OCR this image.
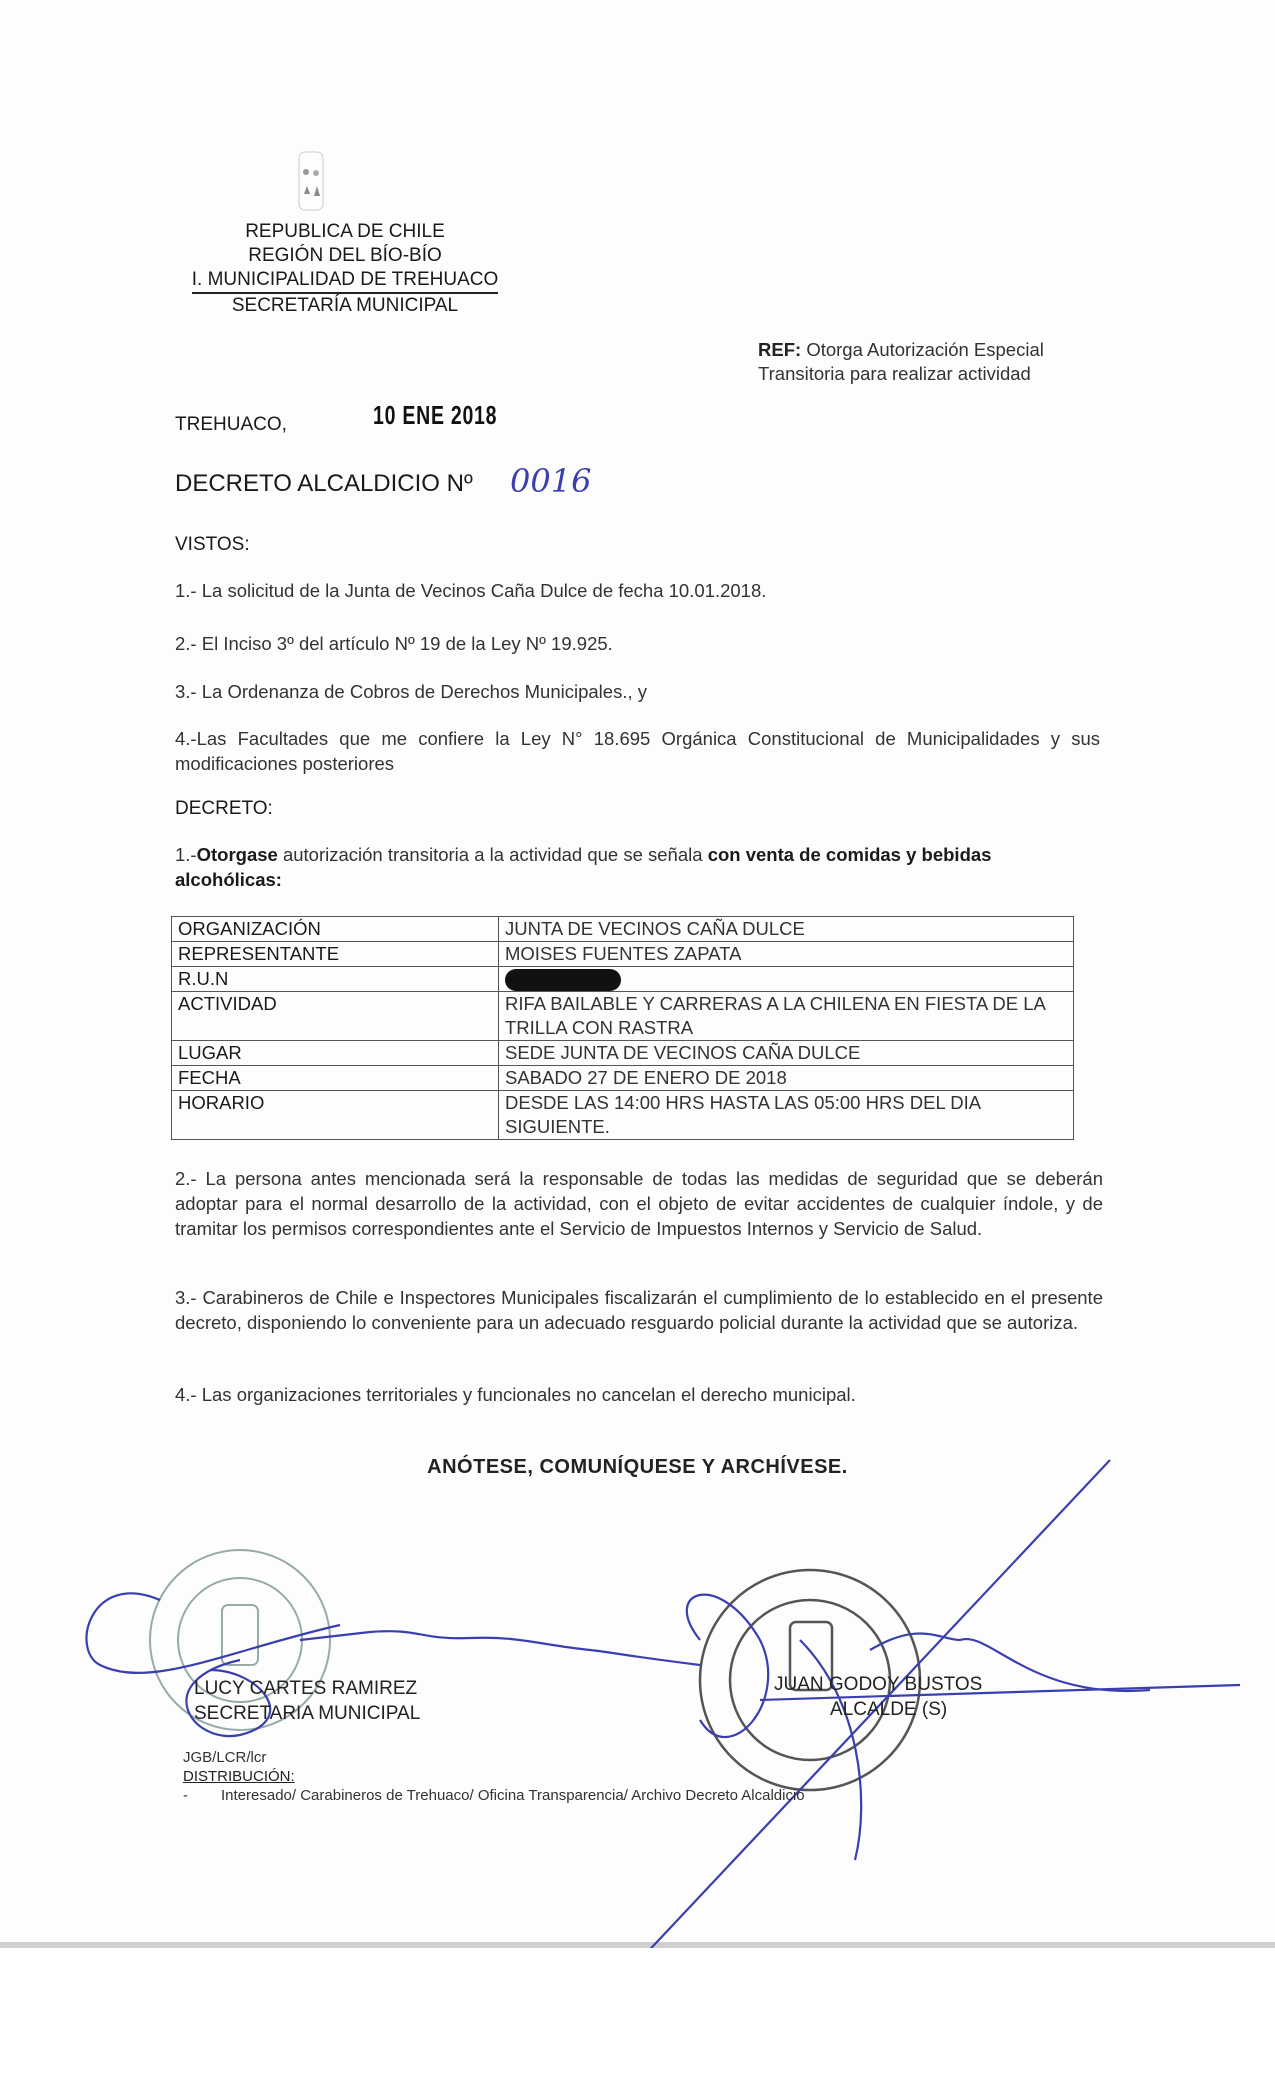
REPUBLICA DE CHILE
REGIÓN DEL BÍO-BÍO
I. MUNICIPALIDAD DE TREHUACO
SECRETARÍA MUNICIPAL
REF: Otorga Autorización Especial
Transitoria para realizar actividad
TREHUACO,	10 ENE 2018
DECRETO ALCALDICIO Nº 0016
VISTOS:
1.- La solicitud de la Junta de Vecinos Caña Dulce de fecha 10.01.2018.
2.- El Inciso 3º del artículo Nº 19 de la Ley Nº 19.925.
3.- La Ordenanza de Cobros de Derechos Municipales., y
4.-Las Facultades que me confiere la Ley N° 18.695 Orgánica Constitucional de Municipalidades y sus modificaciones posteriores
DECRETO:
1.-Otorgase autorización transitoria a la actividad que se señala con venta de comidas y bebidas alcohólicas:
ORGANIZACIÓN	JUNTA DE VECINOS CAÑA DULCE
REPRESENTANTE	MOISES FUENTES ZAPATA
R.U.N	
ACTIVIDAD	RIFA BAILABLE Y CARRERAS A LA CHILENA EN FIESTA DE LA TRILLA CON RASTRA
LUGAR	SEDE JUNTA DE VECINOS CAÑA DULCE
FECHA	SABADO 27 DE ENERO DE 2018
HORARIO	DESDE LAS 14:00 HRS HASTA LAS 05:00 HRS DEL DIA SIGUIENTE.
2.- La persona antes mencionada será la responsable de todas las medidas de seguridad que se deberán adoptar para el normal desarrollo de la actividad, con el objeto de evitar accidentes de cualquier índole, y de tramitar los permisos correspondientes ante el Servicio de Impuestos Internos y Servicio de Salud.
3.- Carabineros de Chile e Inspectores Municipales fiscalizarán el cumplimiento de lo establecido en el presente decreto, disponiendo lo conveniente para un adecuado resguardo policial durante la actividad que se autoriza.
4.- Las organizaciones territoriales y funcionales no cancelan el derecho municipal.
ANÓTESE, COMUNÍQUESE Y ARCHÍVESE.
LUCY CARTES RAMIREZ
SECRETARIA MUNICIPAL
JUAN GODOY BUSTOS
ALCALDE (S)
JGB/LCR/lcr
DISTRIBUCIÓN:
- Interesado/ Carabineros de Trehuaco/ Oficina Transparencia/ Archivo Decreto Alcaldicio
